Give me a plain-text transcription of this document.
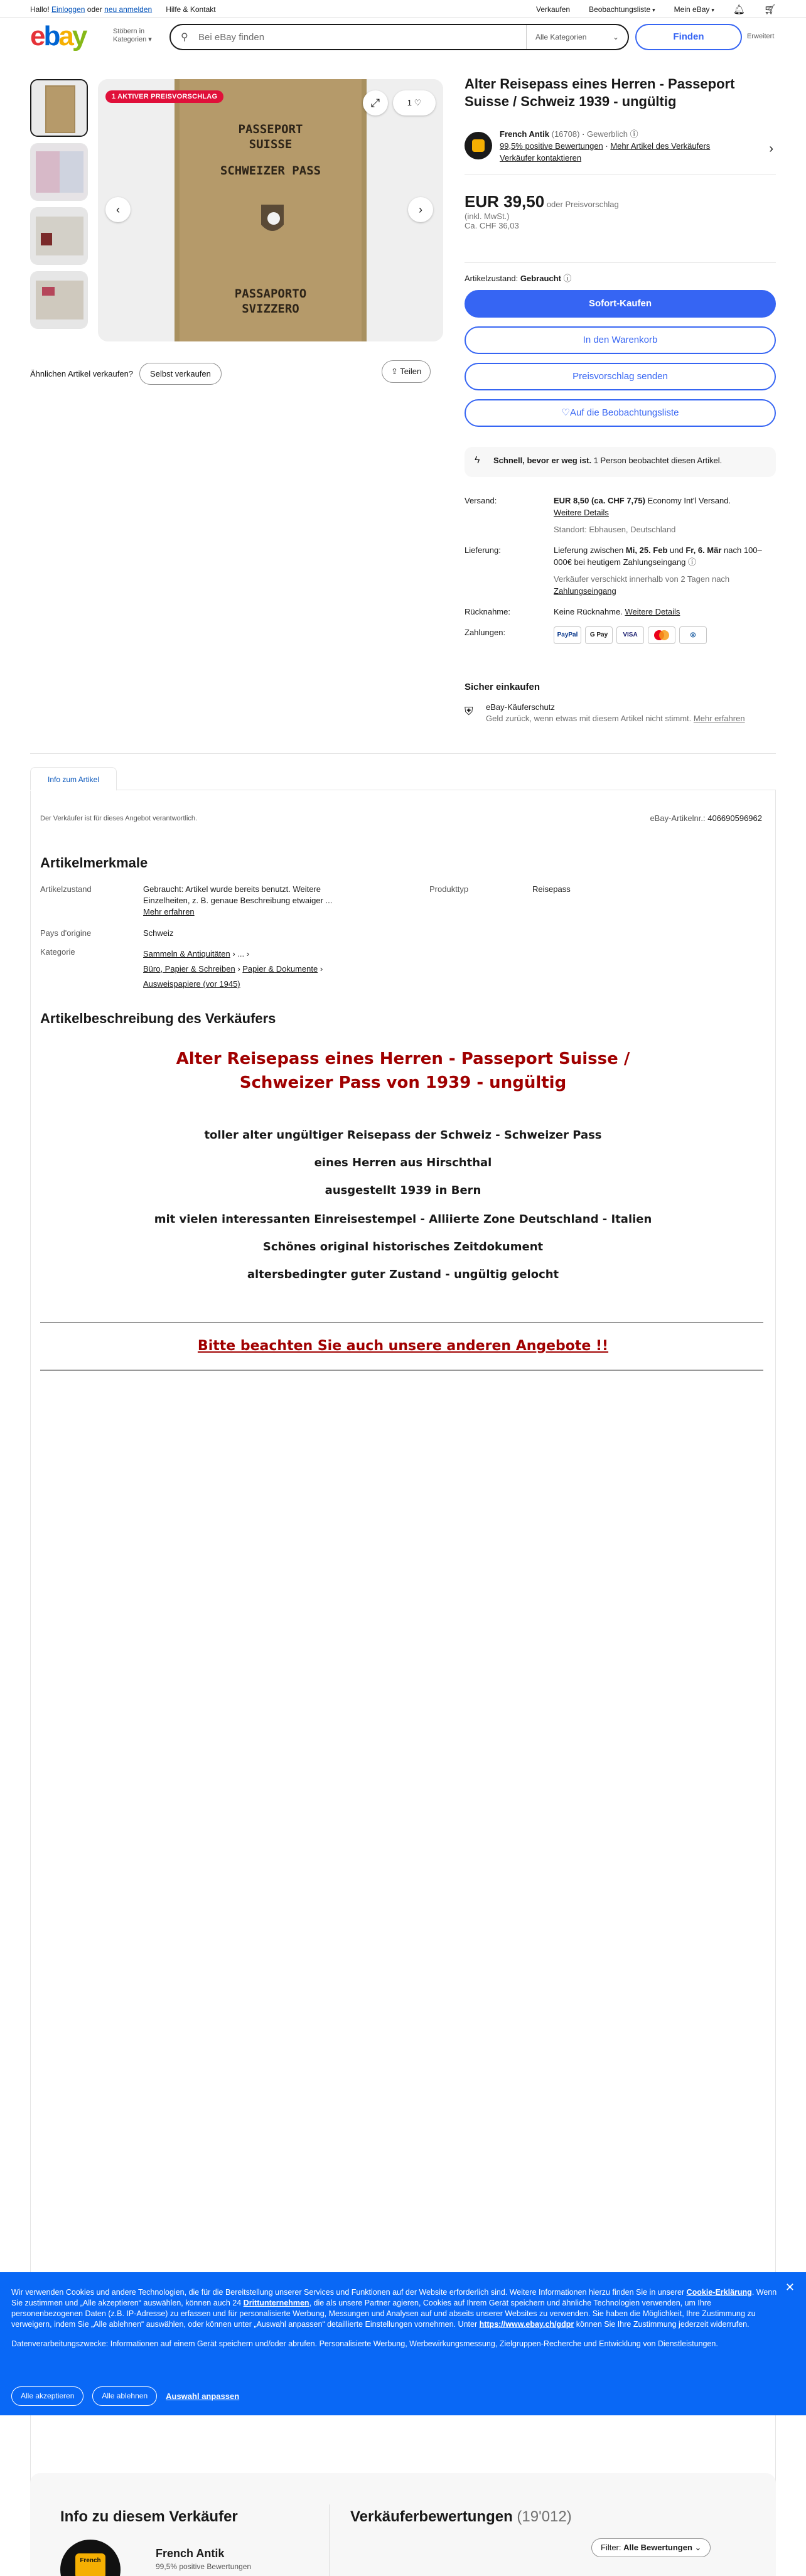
Hallo! Einloggen oder neu anmelden Hilfe & Kontakt	Verkaufen	Beobachtungsliste ▾	Mein eBay ▾ 🔔︎ 🛒︎
ebay	Stöbern in Kategorien ▾	⚲ Bei eBay finden	Alle Kategorien	⌄	Finden	Erweitert
PASSEPORT
SUISSE
SCHWEIZER PASS
PASSAPORTO
SVIZZERO
1 AKTIVER PREISVORSCHLAG	⤢	1 ♡
‹	›
Ähnlichen Artikel verkaufen?	Selbst verkaufen	⇪ Teilen
Alter Reisepass eines Herren - Passeport Suisse / Schweiz 1939 - ungültig
French Antik (16708) · Gewerblich ⓘ
99,5% positive Bewertungen · Mehr Artikel des Verkäufers
Verkäufer kontaktieren
›
EUR 39,50 oder Preisvorschlag
(inkl. MwSt.)
Ca. CHF 36,03
Artikelzustand: Gebraucht ⓘ
Sofort-Kaufen
In den Warenkorb
Preisvorschlag senden
♡Auf die Beobachtungsliste
ϟ Schnell, bevor er weg ist. 1 Person beobachtet diesen Artikel.
Versand:	EUR 8,50 (ca. CHF 7,75) Economy Int'l Versand.
Weitere Details
Standort: Ebhausen, Deutschland
Lieferung:	Lieferung zwischen Mi, 25. Feb und Fr, 6. Mär nach 100–000€ bei heutigem Zahlungseingang ⓘ
Verkäufer verschickt innerhalb von 2 Tagen nach Zahlungseingang
Rücknahme:	Keine Rücknahme. Weitere Details
Zahlungen:	PayPal	G Pay	VISA	◎
Sicher einkaufen
⛨ eBay-Käuferschutz
Geld zurück, wenn etwas mit diesem Artikel nicht stimmt. Mehr erfahren
Info zum Artikel
Der Verkäufer ist für dieses Angebot verantwortlich.	eBay-Artikelnr.: 406690596962
Artikelmerkmale
Artikelzustand	Gebraucht: Artikel wurde bereits benutzt. Weitere Einzelheiten, z. B. genaue Beschreibung etwaiger ...
Mehr erfahren
Produkttyp	Reisepass
Pays d'origine	Schweiz
Kategorie	Sammeln & Antiquitäten › ... ›
Büro, Papier & Schreiben › Papier & Dokumente ›
Ausweispapiere (vor 1945)
Artikelbeschreibung des Verkäufers
Alter Reisepass eines Herren - Passeport Suisse / Schweizer Pass von 1939 - ungültig
toller alter ungültiger Reisepass der Schweiz - Schweizer Pass
eines Herren aus Hirschthal
ausgestellt 1939 in Bern
mit vielen interessanten Einreisestempel - Alliierte Zone Deutschland - Italien
Schönes original historisches Zeitdokument
altersbedingter guter Zustand - ungültig gelocht
Bitte beachten Sie auch unsere anderen Angebote !!
✕

Wir verwenden Cookies und andere Technologien, die für die Bereitstellung unserer Services und Funktionen auf der Website erforderlich sind. Weitere Informationen hierzu finden Sie in unserer Cookie-Erklärung. Wenn Sie zustimmen und „Alle akzeptieren“ auswählen, können auch 24 Drittunternehmen, die als unsere Partner agieren, Cookies auf Ihrem Gerät speichern und ähnliche Technologien verwenden, um Ihre personenbezogenen Daten (z.B. IP-Adresse) zu erfassen und für personalisierte Werbung, Messungen und Analysen auf und abseits unserer Websites zu verwenden. Sie haben die Möglichkeit, Ihre Zustimmung zu verweigern, indem Sie „Alle ablehnen“ auswählen, oder können unter „Auswahl anpassen“ detaillierte Einstellungen vornehmen. Unter https://www.ebay.ch/gdpr können Sie Ihre Zustimmung jederzeit widerrufen.

Datenverarbeitungszwecke: Informationen auf einem Gerät speichern und/oder abrufen. Personalisierte Werbung, Werbewirkungsmessung, Zielgruppen-Recherche und Entwicklung von Dienstleistungen.

Alle akzeptieren	Alle ablehnen	Auswahl anpassen
Info zu diesem Verkäufer	Verkäuferbewertungen (19'012)
Filter: Alle Bewertungen ⌄
French
French Antik
99,5% positive Bewertungen
